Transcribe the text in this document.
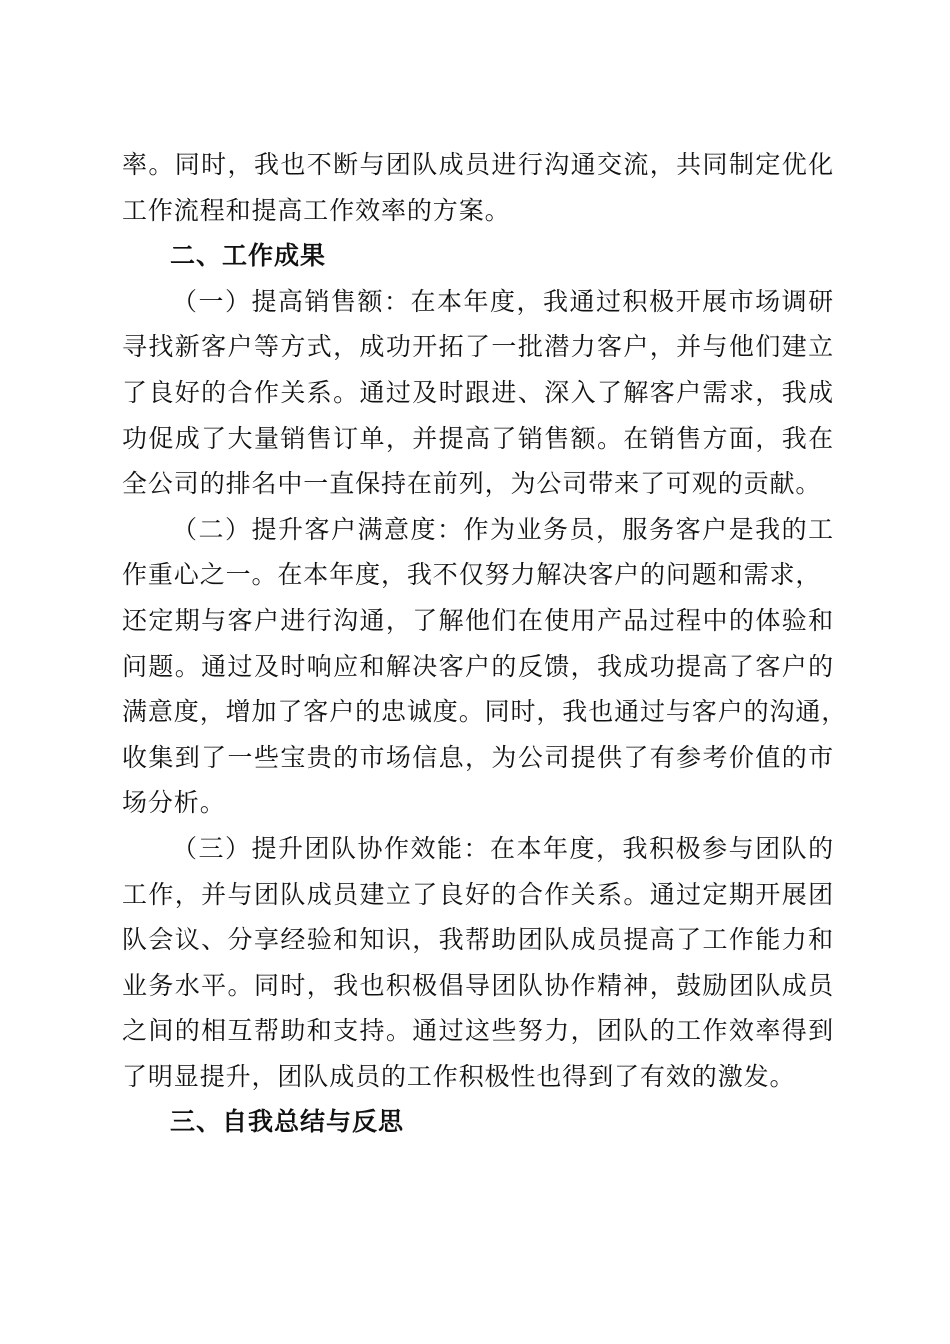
率。同时，我也不断与团队成员进行沟通交流，共同制定优化
工作流程和提高工作效率的方案。
二、工作成果
（一）提高销售额：在本年度，我通过积极开展市场调研
寻找新客户等方式，成功开拓了一批潜力客户，并与他们建立
了良好的合作关系。通过及时跟进、深入了解客户需求，我成
功促成了大量销售订单，并提高了销售额。在销售方面，我在
全公司的排名中一直保持在前列，为公司带来了可观的贡献。
（二）提升客户满意度：作为业务员，服务客户是我的工
作重心之一。在本年度，我不仅努力解决客户的问题和需求，
还定期与客户进行沟通，了解他们在使用产品过程中的体验和
问题。通过及时响应和解决客户的反馈，我成功提高了客户的
满意度，增加了客户的忠诚度。同时，我也通过与客户的沟通，
收集到了一些宝贵的市场信息，为公司提供了有参考价值的市
场分析。
（三）提升团队协作效能：在本年度，我积极参与团队的
工作，并与团队成员建立了良好的合作关系。通过定期开展团
队会议、分享经验和知识，我帮助团队成员提高了工作能力和
业务水平。同时，我也积极倡导团队协作精神，鼓励团队成员
之间的相互帮助和支持。通过这些努力，团队的工作效率得到
了明显提升，团队成员的工作积极性也得到了有效的激发。
三、自我总结与反思
